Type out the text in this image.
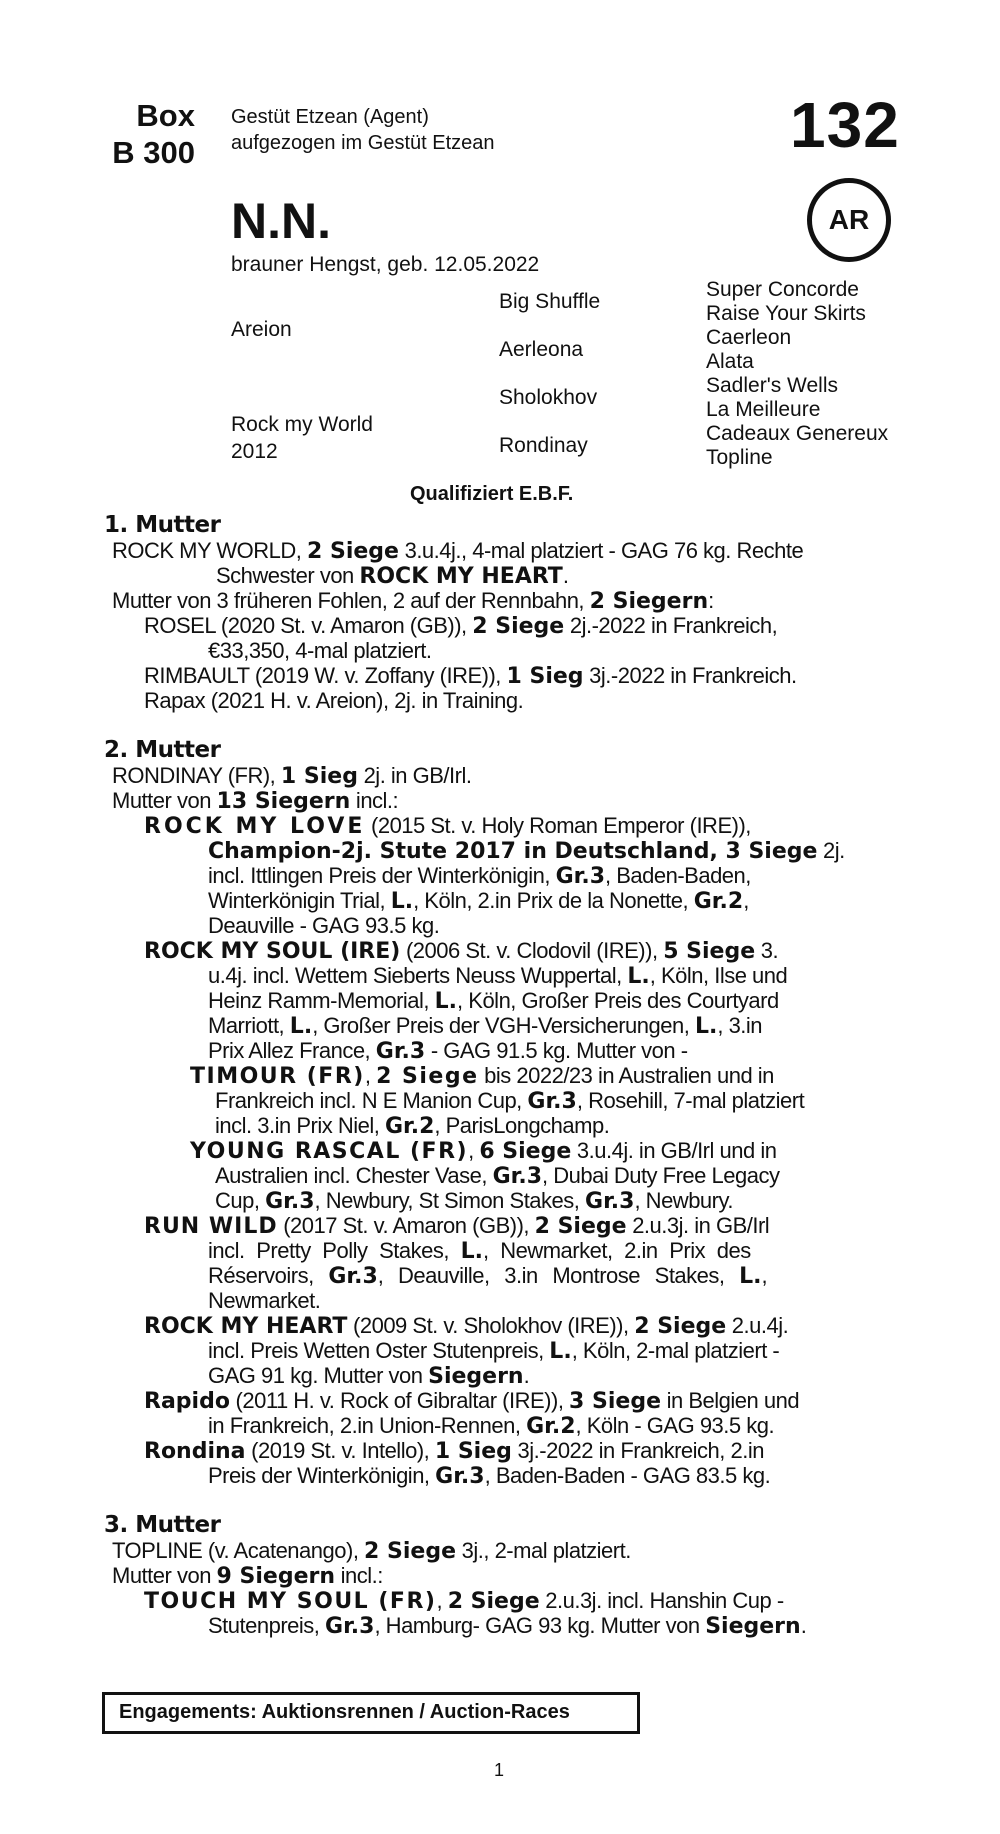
Box
B 300
Gestüt Etzean (Agent)
aufgezogen im Gestüt Etzean	132
AR
N.N.
brauner Hengst, geb. 12.05.2022
Areion
Rock my World
2012
Big Shuffle
Aerleona
Sholokhov
Rondinay
Super Concorde
Raise Your Skirts
Caerleon
Alata
Sadler's Wells
La Meilleure
Cadeaux Genereux
Topline
Qualifiziert E.B.F.
1. Mutter
ROCK MY WORLD, 2 Siege 3.u.4j., 4-mal platziert - GAG 76 kg. Rechte
Schwester von ROCK MY HEART.
Mutter von 3 früheren Fohlen, 2 auf der Rennbahn, 2 Siegern:
ROSEL (2020 St. v. Amaron (GB)), 2 Siege 2j.-2022 in Frankreich,
€33,350, 4-mal platziert.
RIMBAULT (2019 W. v. Zoffany (IRE)), 1 Sieg 3j.-2022 in Frankreich.
Rapax (2021 H. v. Areion), 2j. in Training.
2. Mutter
RONDINAY (FR), 1 Sieg 2j. in GB/Irl.
Mutter von 13 Siegern incl.:
ROCK MY LOVE (2015 St. v. Holy Roman Emperor (IRE)),
Champion-2j. Stute 2017 in Deutschland, 3 Siege 2j.
incl. Ittlingen Preis der Winterkönigin, Gr.3, Baden-Baden,
Winterkönigin Trial, L., Köln, 2.in Prix de la Nonette, Gr.2,
Deauville - GAG 93.5 kg.
ROCK MY SOUL (IRE) (2006 St. v. Clodovil (IRE)), 5 Siege 3.
u.4j. incl. Wettem Sieberts Neuss Wuppertal, L., Köln, Ilse und
Heinz Ramm-Memorial, L., Köln, Großer Preis des Courtyard
Marriott, L., Großer Preis der VGH-Versicherungen, L., 3.in
Prix Allez France, Gr.3 - GAG 91.5 kg. Mutter von -
TIMOUR (FR), 2 Siege bis 2022/23 in Australien und in
Frankreich incl. N E Manion Cup, Gr.3, Rosehill, 7-mal platziert
incl. 3.in Prix Niel, Gr.2, ParisLongchamp.
YOUNG RASCAL (FR), 6 Siege 3.u.4j. in GB/Irl und in
Australien incl. Chester Vase, Gr.3, Dubai Duty Free Legacy
Cup, Gr.3, Newbury, St Simon Stakes, Gr.3, Newbury.
RUN WILD (2017 St. v. Amaron (GB)), 2 Siege 2.u.3j. in GB/Irl
incl. Pretty Polly Stakes, L., Newmarket, 2.in Prix des
Réservoirs, Gr.3, Deauville, 3.in Montrose Stakes, L.,
Newmarket.
ROCK MY HEART (2009 St. v. Sholokhov (IRE)), 2 Siege 2.u.4j.
incl. Preis Wetten Oster Stutenpreis, L., Köln, 2-mal platziert -
GAG 91 kg. Mutter von Siegern.
Rapido (2011 H. v. Rock of Gibraltar (IRE)), 3 Siege in Belgien und
in Frankreich, 2.in Union-Rennen, Gr.2, Köln - GAG 93.5 kg.
Rondina (2019 St. v. Intello), 1 Sieg 3j.-2022 in Frankreich, 2.in
Preis der Winterkönigin, Gr.3, Baden-Baden - GAG 83.5 kg.
3. Mutter
TOPLINE (v. Acatenango), 2 Siege 3j., 2-mal platziert.
Mutter von 9 Siegern incl.:
TOUCH MY SOUL (FR), 2 Siege 2.u.3j. incl. Hanshin Cup -
Stutenpreis, Gr.3, Hamburg- GAG 93 kg. Mutter von Siegern.
Engagements: Auktionsrennen / Auction-Races
1
